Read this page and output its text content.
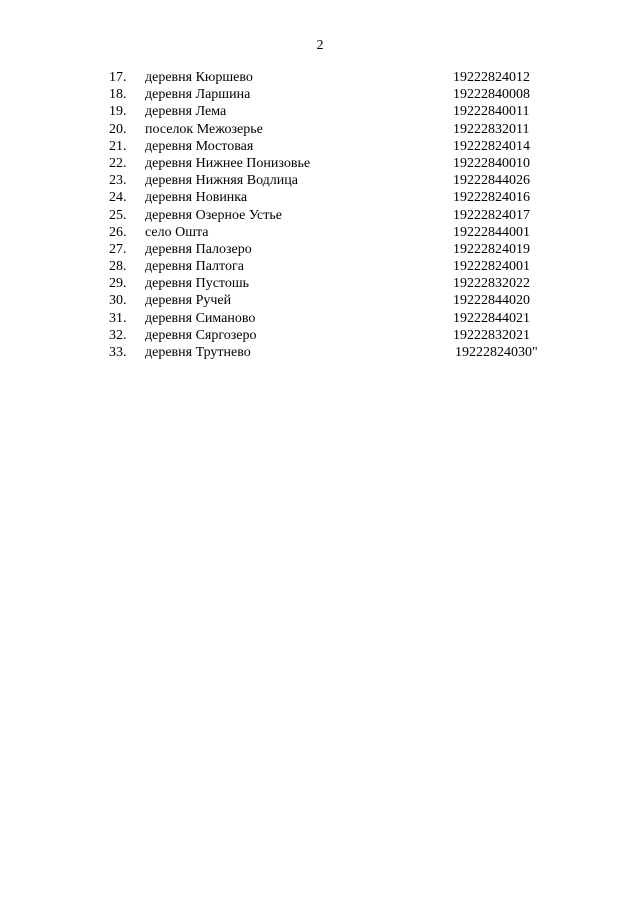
2
17.	деревня Кюршево	19222824012
18.	деревня Ларшина	19222840008
19.	деревня Лема	19222840011
20.	поселок Межозерье	19222832011
21.	деревня Мостовая	19222824014
22.	деревня Нижнее Понизовье	19222840010
23.	деревня Нижняя Водлица	19222844026
24.	деревня Новинка	19222824016
25.	деревня Озерное Устье	19222824017
26.	село Ошта	19222844001
27.	деревня Палозеро	19222824019
28.	деревня Палтога	19222824001
29.	деревня Пустошь	19222832022
30.	деревня Ручей	19222844020
31.	деревня Симаново	19222844021
32.	деревня Сяргозеро	19222832021
33.	деревня Трутнево	19222824030"
